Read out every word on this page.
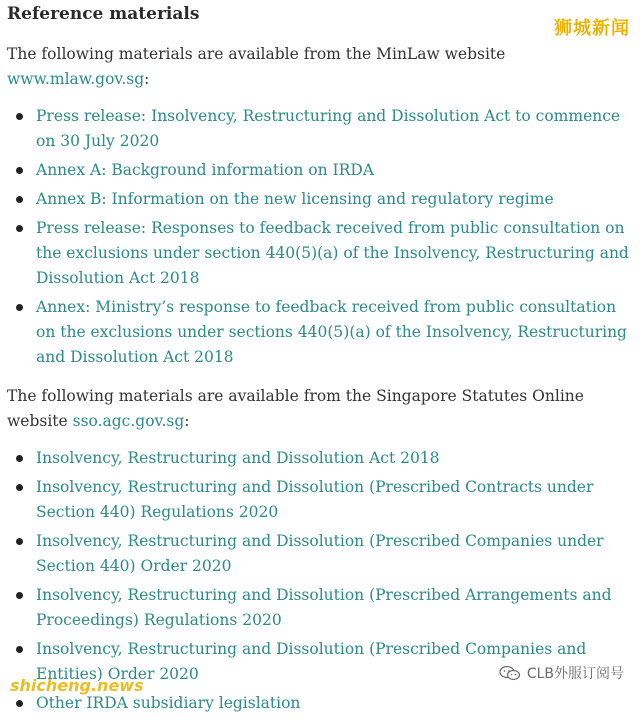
Reference materials

The following materials are available from the MinLaw website www.mlaw.gov.sg:

Press release: Insolvency, Restructuring and Dissolution Act to commence on 30 July 2020
Annex A: Background information on IRDA
Annex B: Information on the new licensing and regulatory regime
Press release: Responses to feedback received from public consultation on the exclusions under section 440(5)(a) of the Insolvency, Restructuring and Dissolution Act 2018
Annex: Ministry’s response to feedback received from public consultation on the exclusions under sections 440(5)(a) of the Insolvency, Restructuring and Dissolution Act 2018

The following materials are available from the Singapore Statutes Online website sso.agc.gov.sg:

Insolvency, Restructuring and Dissolution Act 2018
Insolvency, Restructuring and Dissolution (Prescribed Contracts under Section 440) Regulations 2020
Insolvency, Restructuring and Dissolution (Prescribed Companies under Section 440) Order 2020
Insolvency, Restructuring and Dissolution (Prescribed Arrangements and Proceedings) Regulations 2020
Insolvency, Restructuring and Dissolution (Prescribed Companies and Entities) Order 2020
Other IRDA subsidiary legislation
狮城新闻
shicheng.news
CLB外服订阅号
